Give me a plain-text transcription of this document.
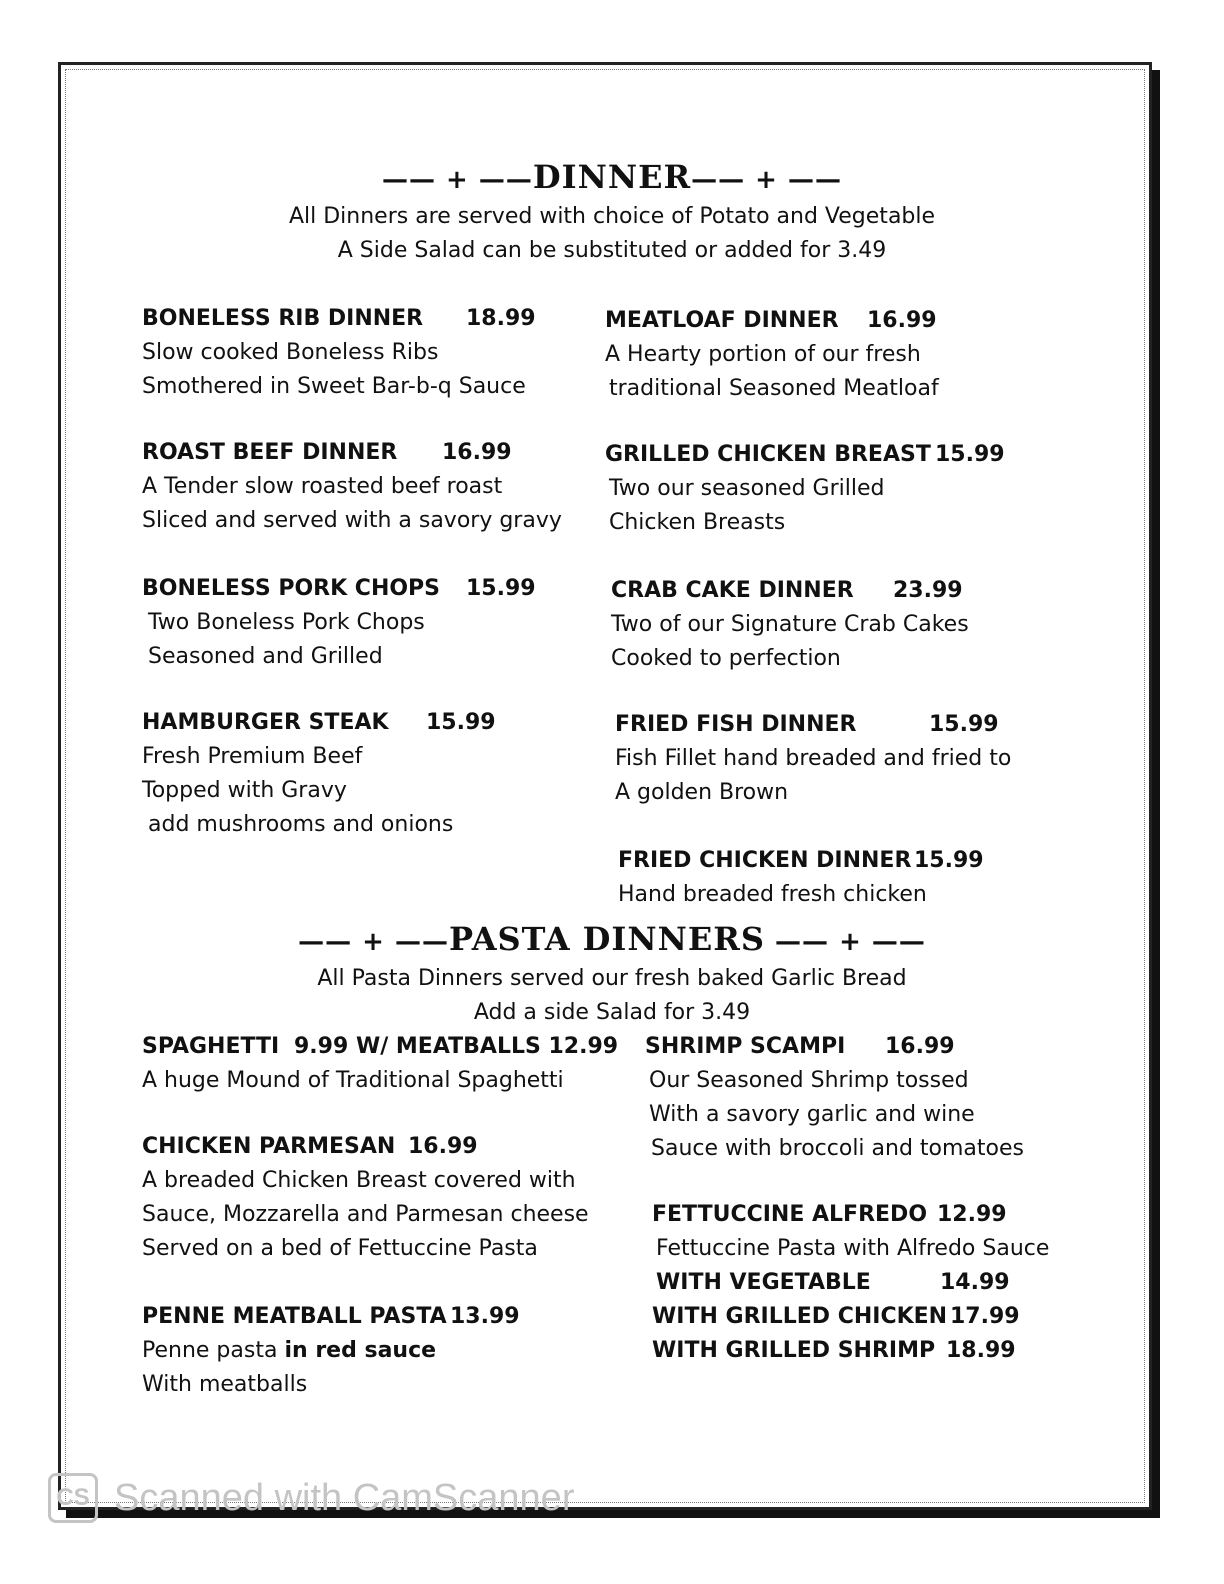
—— + ——DINNER—— + ——
All Dinners are served with choice of Potato and Vegetable
A Side Salad can be substituted or added for 3.49
BONELESS RIB DINNER 18.99
Slow cooked Boneless Ribs
Smothered in Sweet Bar-b-q Sauce
ROAST BEEF DINNER 16.99
A Tender slow roasted beef roast
Sliced and served with a savory gravy
BONELESS PORK CHOPS 15.99
Two Boneless Pork Chops
Seasoned and Grilled
HAMBURGER STEAK 15.99
Fresh Premium Beef
Topped with Gravy
add mushrooms and onions
MEATLOAF DINNER 16.99
A Hearty portion of our fresh
traditional Seasoned Meatloaf
GRILLED CHICKEN BREAST 15.99
Two our seasoned Grilled
Chicken Breasts
CRAB CAKE DINNER 23.99
Two of our Signature Crab Cakes
Cooked to perfection
FRIED FISH DINNER	15.99
Fish Fillet hand breaded and fried to
A golden Brown
FRIED CHICKEN DINNER 15.99
Hand breaded fresh chicken
—— + ——PASTA DINNERS —— + ——
All Pasta Dinners served our fresh baked Garlic Bread
Add a side Salad for 3.49
SPAGHETTI 9.99 W/ MEATBALLS 12.99
A huge Mound of Traditional Spaghetti
CHICKEN PARMESAN 16.99
A breaded Chicken Breast covered with
Sauce, Mozzarella and Parmesan cheese
Served on a bed of Fettuccine Pasta
PENNE MEATBALL PASTA 13.99
Penne pasta in red sauce
With meatballs
SHRIMP SCAMPI 16.99
Our Seasoned Shrimp tossed
With a savory garlic and wine
Sauce with broccoli and tomatoes
FETTUCCINE ALFREDO 12.99
Fettuccine Pasta with Alfredo Sauce
WITH VEGETABLE	14.99
WITH GRILLED CHICKEN 17.99
WITH GRILLED SHRIMP 18.99
CS Scanned with CamScanner
